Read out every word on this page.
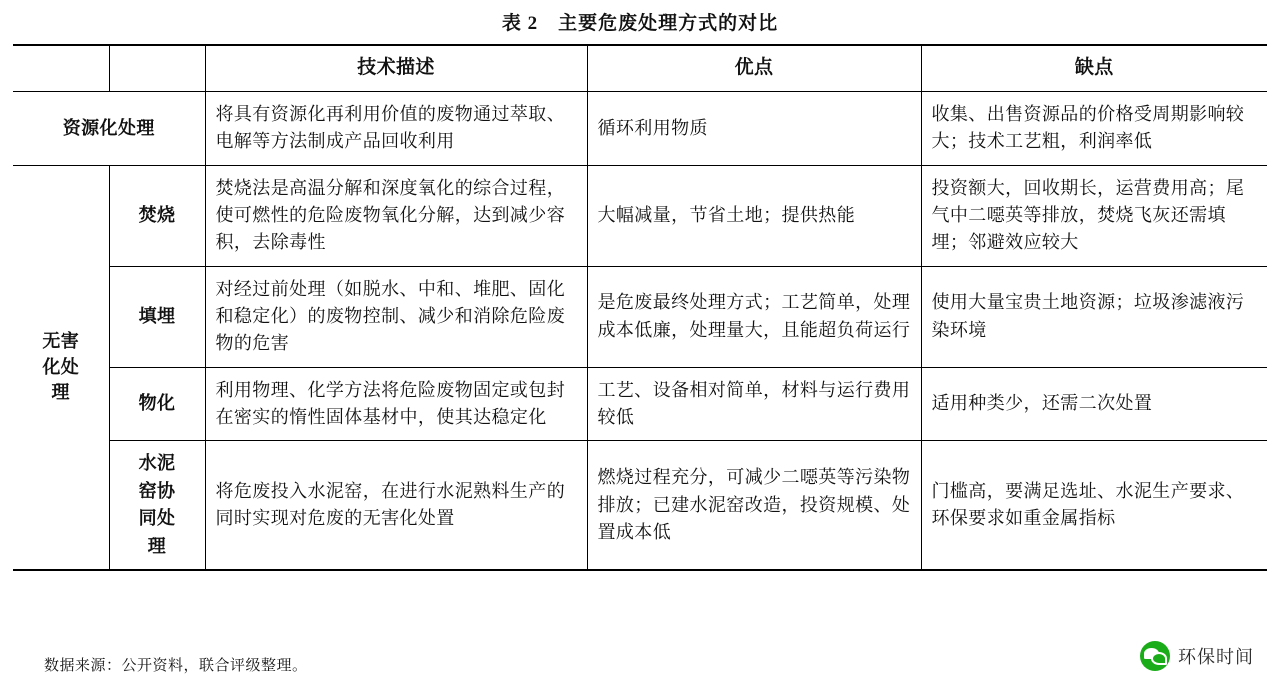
表 2　主要危废处理方式的对比
		技术描述	优点	缺点
资源化处理		将具有资源化再利用价值的废物通过萃取、电解等方法制成产品回收利用	循环利用物质	收集、出售资源品的价格受周期影响较大；技术工艺粗，利润率低

无害
化处
理	焚烧	焚烧法是高温分解和深度氧化的综合过程，使可燃性的危险废物氧化分解，达到减少容积，去除毒性	大幅减量，节省土地；提供热能	投资额大，回收期长，运营费用高；尾气中二噁英等排放，焚烧飞灰还需填埋；邻避效应较大
	填埋	对经过前处理（如脱水、中和、堆肥、固化和稳定化）的废物控制、减少和消除危险废物的危害	是危废最终处理方式；工艺简单，处理成本低廉，处理量大，且能超负荷运行	使用大量宝贵土地资源；垃圾渗滤液污染环境
	物化	利用物理、化学方法将危险废物固定或包封在密实的惰性固体基材中，使其达稳定化	工艺、设备相对简单，材料与运行费用较低	适用种类少，还需二次处置

	水泥
窑协
同处
理	将危废投入水泥窑，在进行水泥熟料生产的同时实现对危废的无害化处置	燃烧过程充分，可减少二噁英等污染物排放；已建水泥窑改造，投资规模、处置成本低	门槛高，要满足选址、水泥生产要求、环保要求如重金属指标
数据来源：公开资料，联合评级整理。	环保时间
